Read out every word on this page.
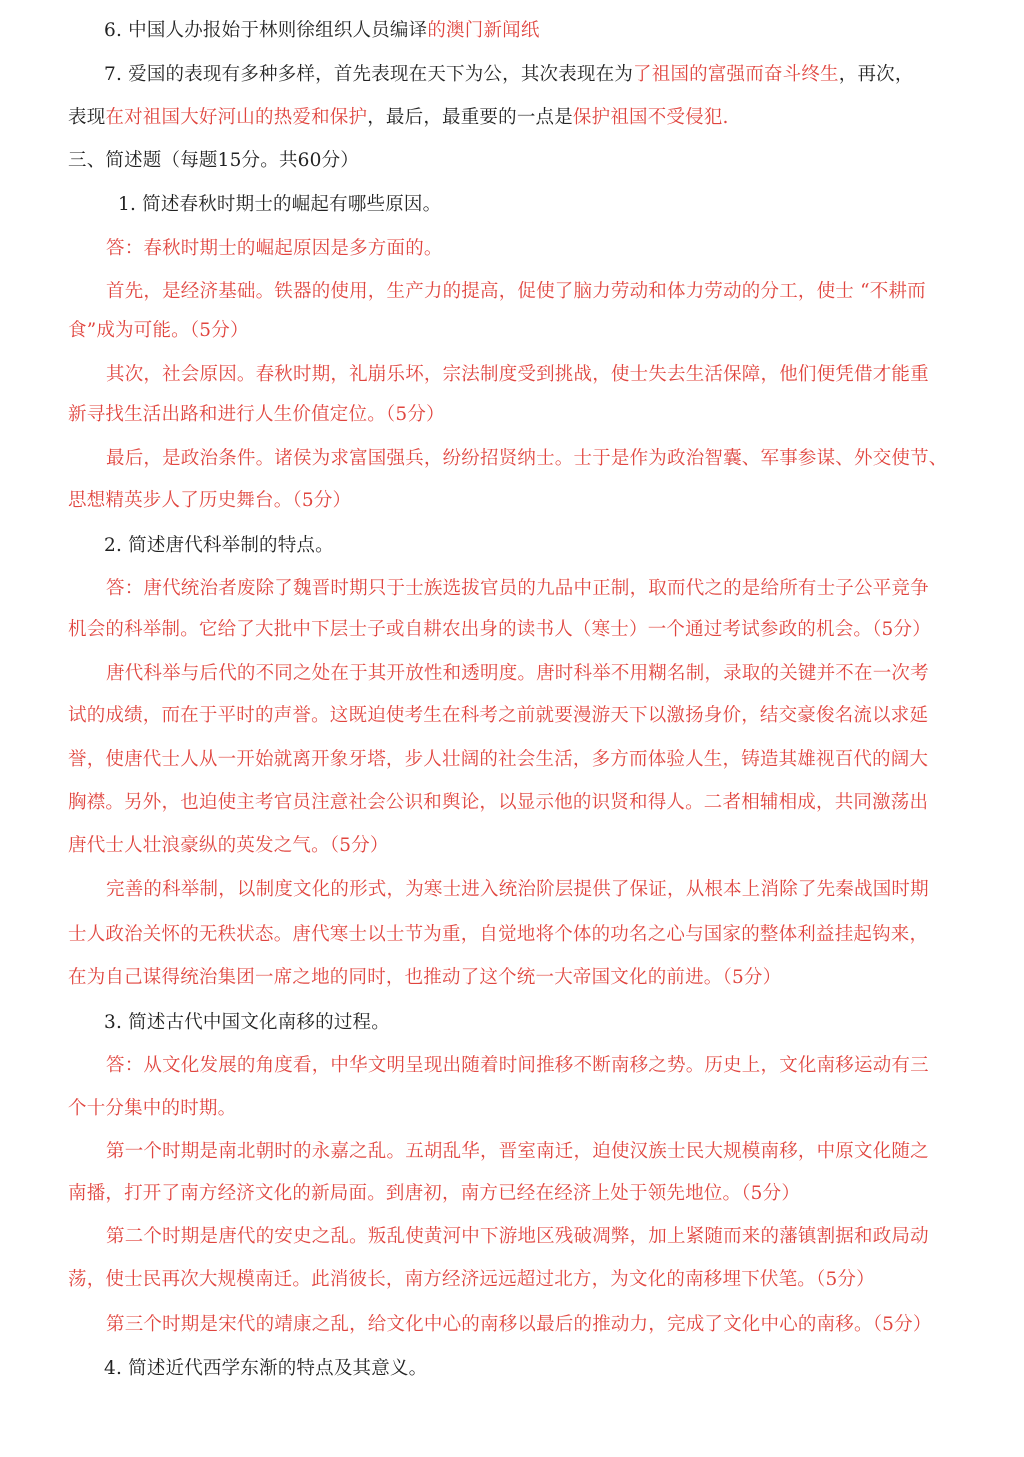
6. 中国人办报始于林则徐组织人员编译的澳门新闻纸
7. 爱国的表现有多种多样，首先表现在天下为公，其次表现在为了祖国的富强而奋斗终生，再次，
表现在对祖国大好河山的热爱和保护，最后，最重要的一点是保护祖国不受侵犯.
三、简述题（每题15分。共60分）
1. 简述春秋时期士的崛起有哪些原因。
答：春秋时期士的崛起原因是多方面的。
首先，是经济基础。铁器的使用，生产力的提高，促使了脑力劳动和体力劳动的分工，使士 “不耕而
食”成为可能。（5分）
其次，社会原因。春秋时期，礼崩乐坏，宗法制度受到挑战，使士失去生活保障，他们便凭借才能重
新寻找生活出路和进行人生价值定位。（5分）
最后，是政治条件。诸侯为求富国强兵，纷纷招贤纳士。士于是作为政治智囊、军事参谋、外交使节、
思想精英步人了历史舞台。（5分）
2. 简述唐代科举制的特点。
答：唐代统治者废除了魏晋时期只于士族选拔官员的九品中正制，取而代之的是给所有士子公平竞争
机会的科举制。它给了大批中下层士子或自耕农出身的读书人（寒士）一个通过考试参政的机会。（5分）
唐代科举与后代的不同之处在于其开放性和透明度。唐时科举不用糊名制，录取的关键并不在一次考
试的成绩，而在于平时的声誉。这既迫使考生在科考之前就要漫游天下以激扬身价，结交豪俊名流以求延
誉，使唐代士人从一开始就离开象牙塔，步人壮阔的社会生活，多方而体验人生，铸造其雄视百代的阔大
胸襟。另外，也迫使主考官员注意社会公识和舆论，以显示他的识贤和得人。二者相辅相成，共同激荡出
唐代士人壮浪豪纵的英发之气。（5分）
完善的科举制，以制度文化的形式，为寒士进入统治阶层提供了保证，从根本上消除了先秦战国时期
士人政治关怀的无秩状态。唐代寒士以士节为重，自觉地将个体的功名之心与国家的整体利益挂起钩来，
在为自己谋得统治集团一席之地的同时，也推动了这个统一大帝国文化的前进。（5分）
3. 简述古代中国文化南移的过程。
答：从文化发展的角度看，中华文明呈现出随着时间推移不断南移之势。历史上，文化南移运动有三
个十分集中的时期。
第一个时期是南北朝时的永嘉之乱。五胡乱华，晋室南迁，迫使汉族士民大规模南移，中原文化随之
南播，打开了南方经济文化的新局面。到唐初，南方已经在经济上处于领先地位。（5分）
第二个时期是唐代的安史之乱。叛乱使黄河中下游地区残破凋弊，加上紧随而来的藩镇割据和政局动
荡，使士民再次大规模南迁。此消彼长，南方经济远远超过北方，为文化的南移埋下伏笔。（5分）
第三个时期是宋代的靖康之乱，给文化中心的南移以最后的推动力，完成了文化中心的南移。（5分）
4. 简述近代西学东渐的特点及其意义。
